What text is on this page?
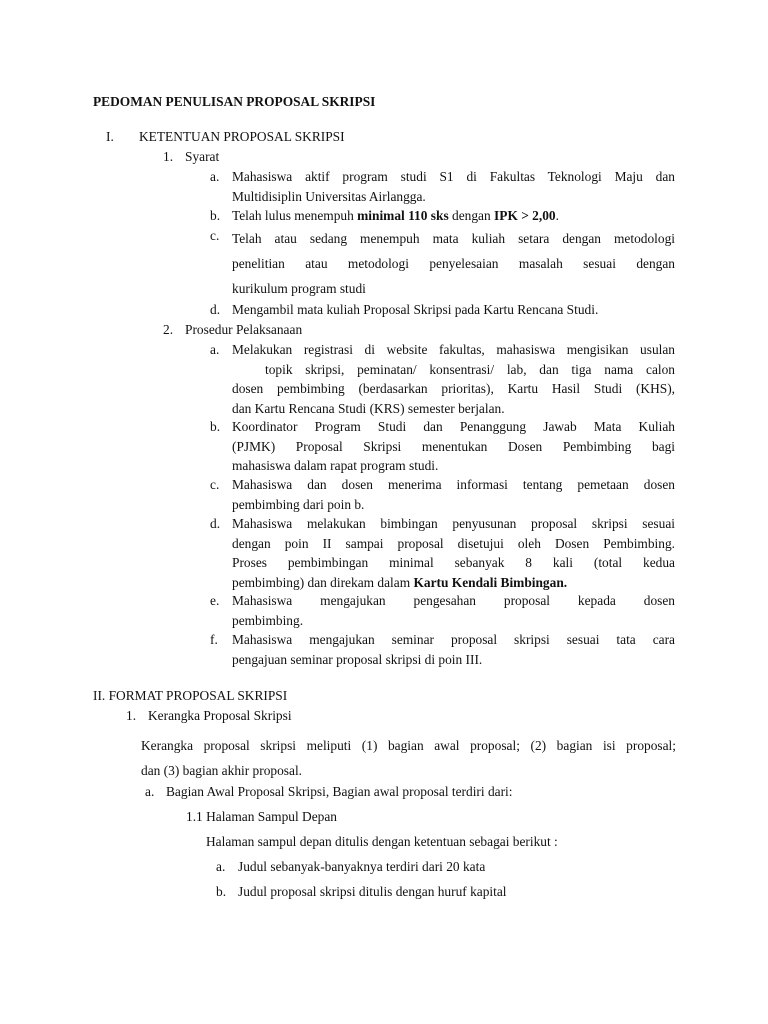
PEDOMAN PENULISAN PROPOSAL SKRIPSI
I. KETENTUAN PROPOSAL SKRIPSI
1. Syarat
a. Mahasiswa aktif program studi S1 di Fakultas Teknologi Maju dan
Multidisiplin Universitas Airlangga.
b. Telah lulus menempuh minimal 110 sks dengan IPK > 2,00.
c. Telah atau sedang menempuh mata kuliah setara dengan metodologi
penelitian atau metodologi penyelesaian masalah sesuai dengan
kurikulum program studi
d. Mengambil mata kuliah Proposal Skripsi pada Kartu Rencana Studi.
2. Prosedur Pelaksanaan
a. Melakukan registrasi di website fakultas, mahasiswa mengisikan usulan
topik skripsi, peminatan/ konsentrasi/ lab, dan tiga nama calon
dosen pembimbing (berdasarkan prioritas), Kartu Hasil Studi (KHS),
dan Kartu Rencana Studi (KRS) semester berjalan.
b. Koordinator Program Studi dan Penanggung Jawab Mata Kuliah
(PJMK) Proposal Skripsi menentukan Dosen Pembimbing bagi
mahasiswa dalam rapat program studi.
c. Mahasiswa dan dosen menerima informasi tentang pemetaan dosen
pembimbing dari poin b.
d. Mahasiswa melakukan bimbingan penyusunan proposal skripsi sesuai
dengan poin II sampai proposal disetujui oleh Dosen Pembimbing.
Proses pembimbingan minimal sebanyak 8 kali (total kedua
pembimbing) dan direkam dalam Kartu Kendali Bimbingan.
e. Mahasiswa mengajukan pengesahan proposal kepada dosen
pembimbing.
f. Mahasiswa mengajukan seminar proposal skripsi sesuai tata cara
pengajuan seminar proposal skripsi di poin III.
II. FORMAT PROPOSAL SKRIPSI
1. Kerangka Proposal Skripsi
Kerangka proposal skripsi meliputi (1) bagian awal proposal; (2) bagian isi proposal;
dan (3) bagian akhir proposal.
a. Bagian Awal Proposal Skripsi, Bagian awal proposal terdiri dari:
1.1 Halaman Sampul Depan
Halaman sampul depan ditulis dengan ketentuan sebagai berikut :
a. Judul sebanyak-banyaknya terdiri dari 20 kata
b. Judul proposal skripsi ditulis dengan huruf kapital
